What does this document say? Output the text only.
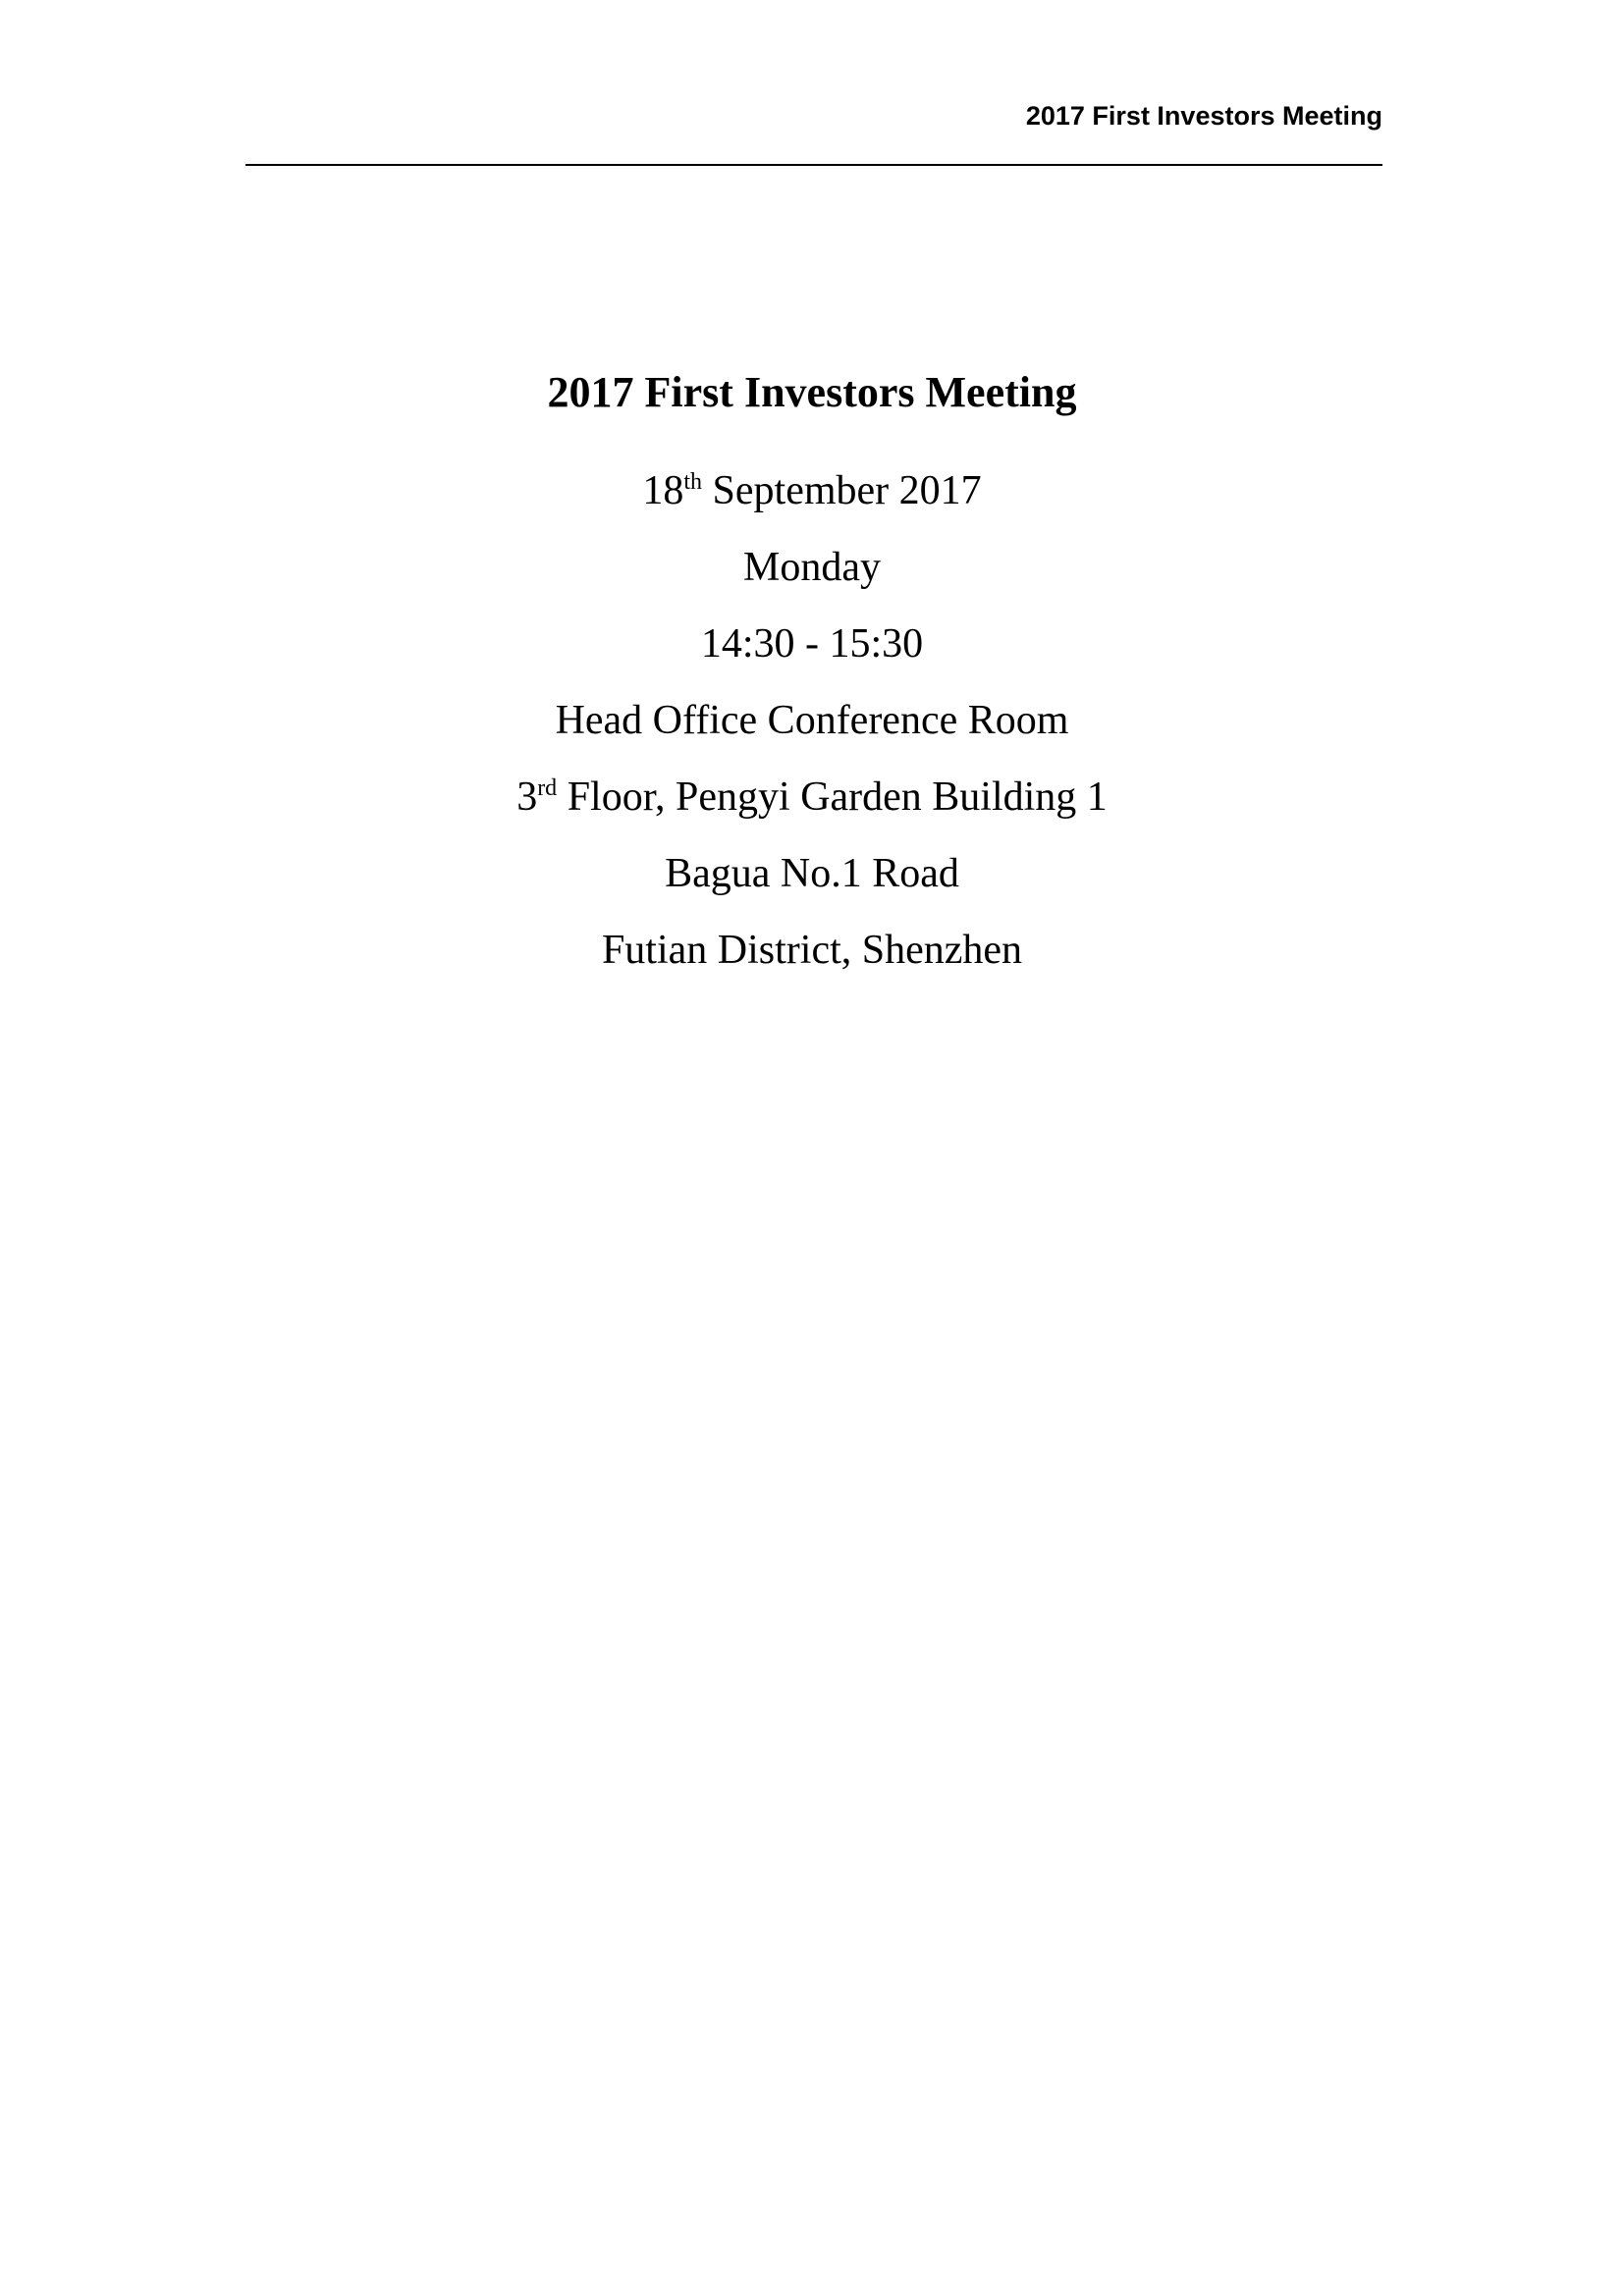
2017 First Investors Meeting
2017 First Investors Meeting
18th September 2017
Monday
14:30 - 15:30
Head Office Conference Room
3rd Floor, Pengyi Garden Building 1
Bagua No.1 Road
Futian District, Shenzhen
